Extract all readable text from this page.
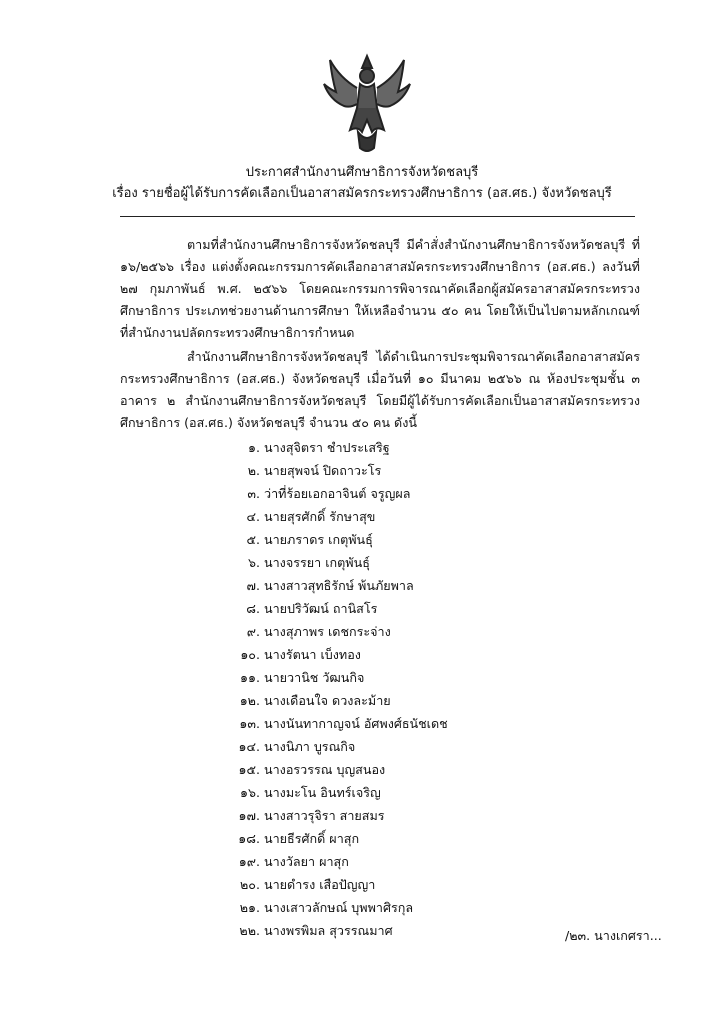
ประกาศสำนักงานศึกษาธิการจังหวัดชลบุรี
เรื่อง รายชื่อผู้ได้รับการคัดเลือกเป็นอาสาสมัครกระทรวงศึกษาธิการ (อส.ศธ.) จังหวัดชลบุรี
ตามที่สำนักงานศึกษาธิการจังหวัดชลบุรี มีคำสั่งสำนักงานศึกษาธิการจังหวัดชลบุรี ที่ ๑๖/๒๕๖๖ เรื่อง แต่งตั้งคณะกรรมการคัดเลือกอาสาสมัครกระทรวงศึกษาธิการ (อส.ศธ.) ลงวันที่ ๒๗ กุมภาพันธ์ พ.ศ. ๒๕๖๖ โดยคณะกรรมการพิจารณาคัดเลือกผู้สมัครอาสาสมัครกระทรวงศึกษาธิการ ประเภทช่วยงานด้านการศึกษา ให้เหลือจำนวน ๕๐ คน โดยให้เป็นไปตามหลักเกณฑ์ที่สำนักงานปลัดกระทรวงศึกษาธิการกำหนด
สำนักงานศึกษาธิการจังหวัดชลบุรี ได้ดำเนินการประชุมพิจารณาคัดเลือกอาสาสมัครกระทรวงศึกษาธิการ (อส.ศธ.) จังหวัดชลบุรี เมื่อวันที่ ๑๐ มีนาคม ๒๕๖๖ ณ ห้องประชุมชั้น ๓ อาคาร ๒ สำนักงานศึกษาธิการจังหวัดชลบุรี โดยมีผู้ได้รับการคัดเลือกเป็นอาสาสมัครกระทรวงศึกษาธิการ (อส.ศธ.) จังหวัดชลบุรี จำนวน ๕๐ คน ดังนี้
๑. นางสุจิตรา ชำประเสริฐ
๒. นายสุพจน์ ปิดถาวะโร
๓. ว่าที่ร้อยเอกอาจินต์ จรูญผล
๔. นายสุรศักดิ์ รักษาสุข
๕. นายภราดร เกตุพันธุ์
๖. นางจรรยา เกตุพันธุ์
๗. นางสาวสุทธิรักษ์ พ้นภัยพาล
๘. นายปริวัฒน์ ถานิสโร
๙. นางสุภาพร เดชกระจ่าง
๑๐. นางรัตนา เบ็งทอง
๑๑. นายวานิช วัฒนกิจ
๑๒. นางเดือนใจ ดวงละม้าย
๑๓. นางนันทากาญจน์ อัศพงศ์ธนัชเดช
๑๔. นางนิภา บูรณกิจ
๑๕. นางอรวรรณ บุญสนอง
๑๖. นางมะโน อินทร์เจริญ
๑๗. นางสาวรุจิรา สายสมร
๑๘. นายธีรศักดิ์ ผาสุก
๑๙. นางวัลยา ผาสุก
๒๐. นายดำรง เสือปัญญา
๒๑. นางเสาวลักษณ์ บุพพาศิรกุล
๒๒. นางพรพิมล สุวรรณมาศ	/๒๓. นางเกศรา...
